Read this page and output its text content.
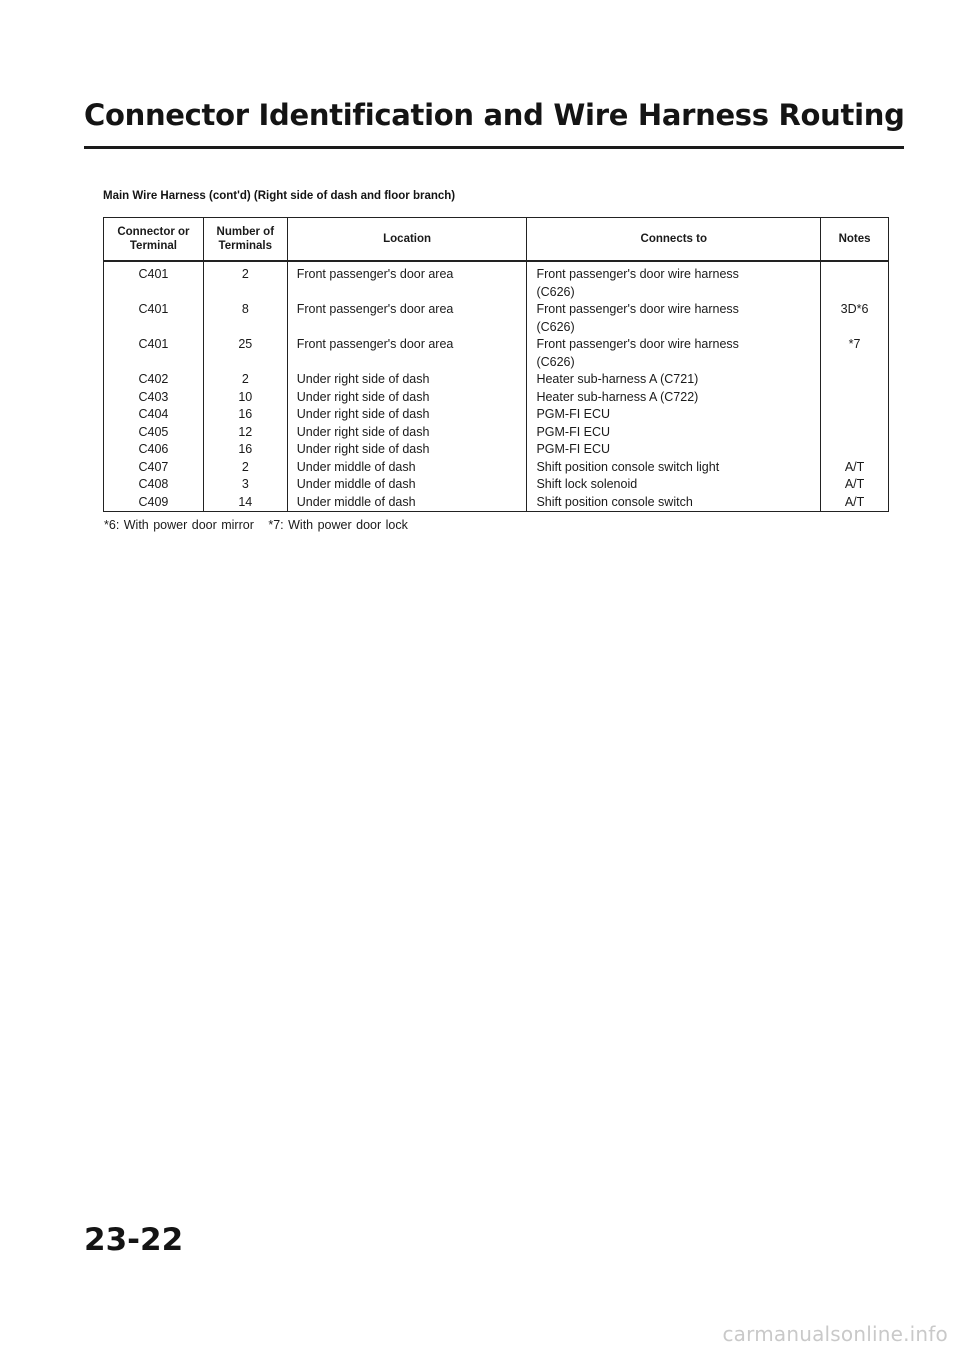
Connector Identification and Wire Harness Routing
Main Wire Harness (cont'd) (Right side of dash and floor branch)
Connector or Terminal	Number of Terminals	Location	Connects to	Notes
C401	2	Front passenger's door area	Front passenger's door wire harness	
			(C626)	
C401	8	Front passenger's door area	Front passenger's door wire harness	3D*6
			(C626)	
C401	25	Front passenger's door area	Front passenger's door wire harness	*7
			(C626)	
C402	2	Under right side of dash	Heater sub-harness A (C721)	
C403	10	Under right side of dash	Heater sub-harness A (C722)	
C404	16	Under right side of dash	PGM-FI ECU	
C405	12	Under right side of dash	PGM-FI ECU	
C406	16	Under right side of dash	PGM-FI ECU	
C407	2	Under middle of dash	Shift position console switch light	A/T
C408	3	Under middle of dash	Shift lock solenoid	A/T
C409	14	Under middle of dash	Shift position console switch	A/T
*6: With power door mirror *7: With power door lock
23-22
carmanualsonline.info
